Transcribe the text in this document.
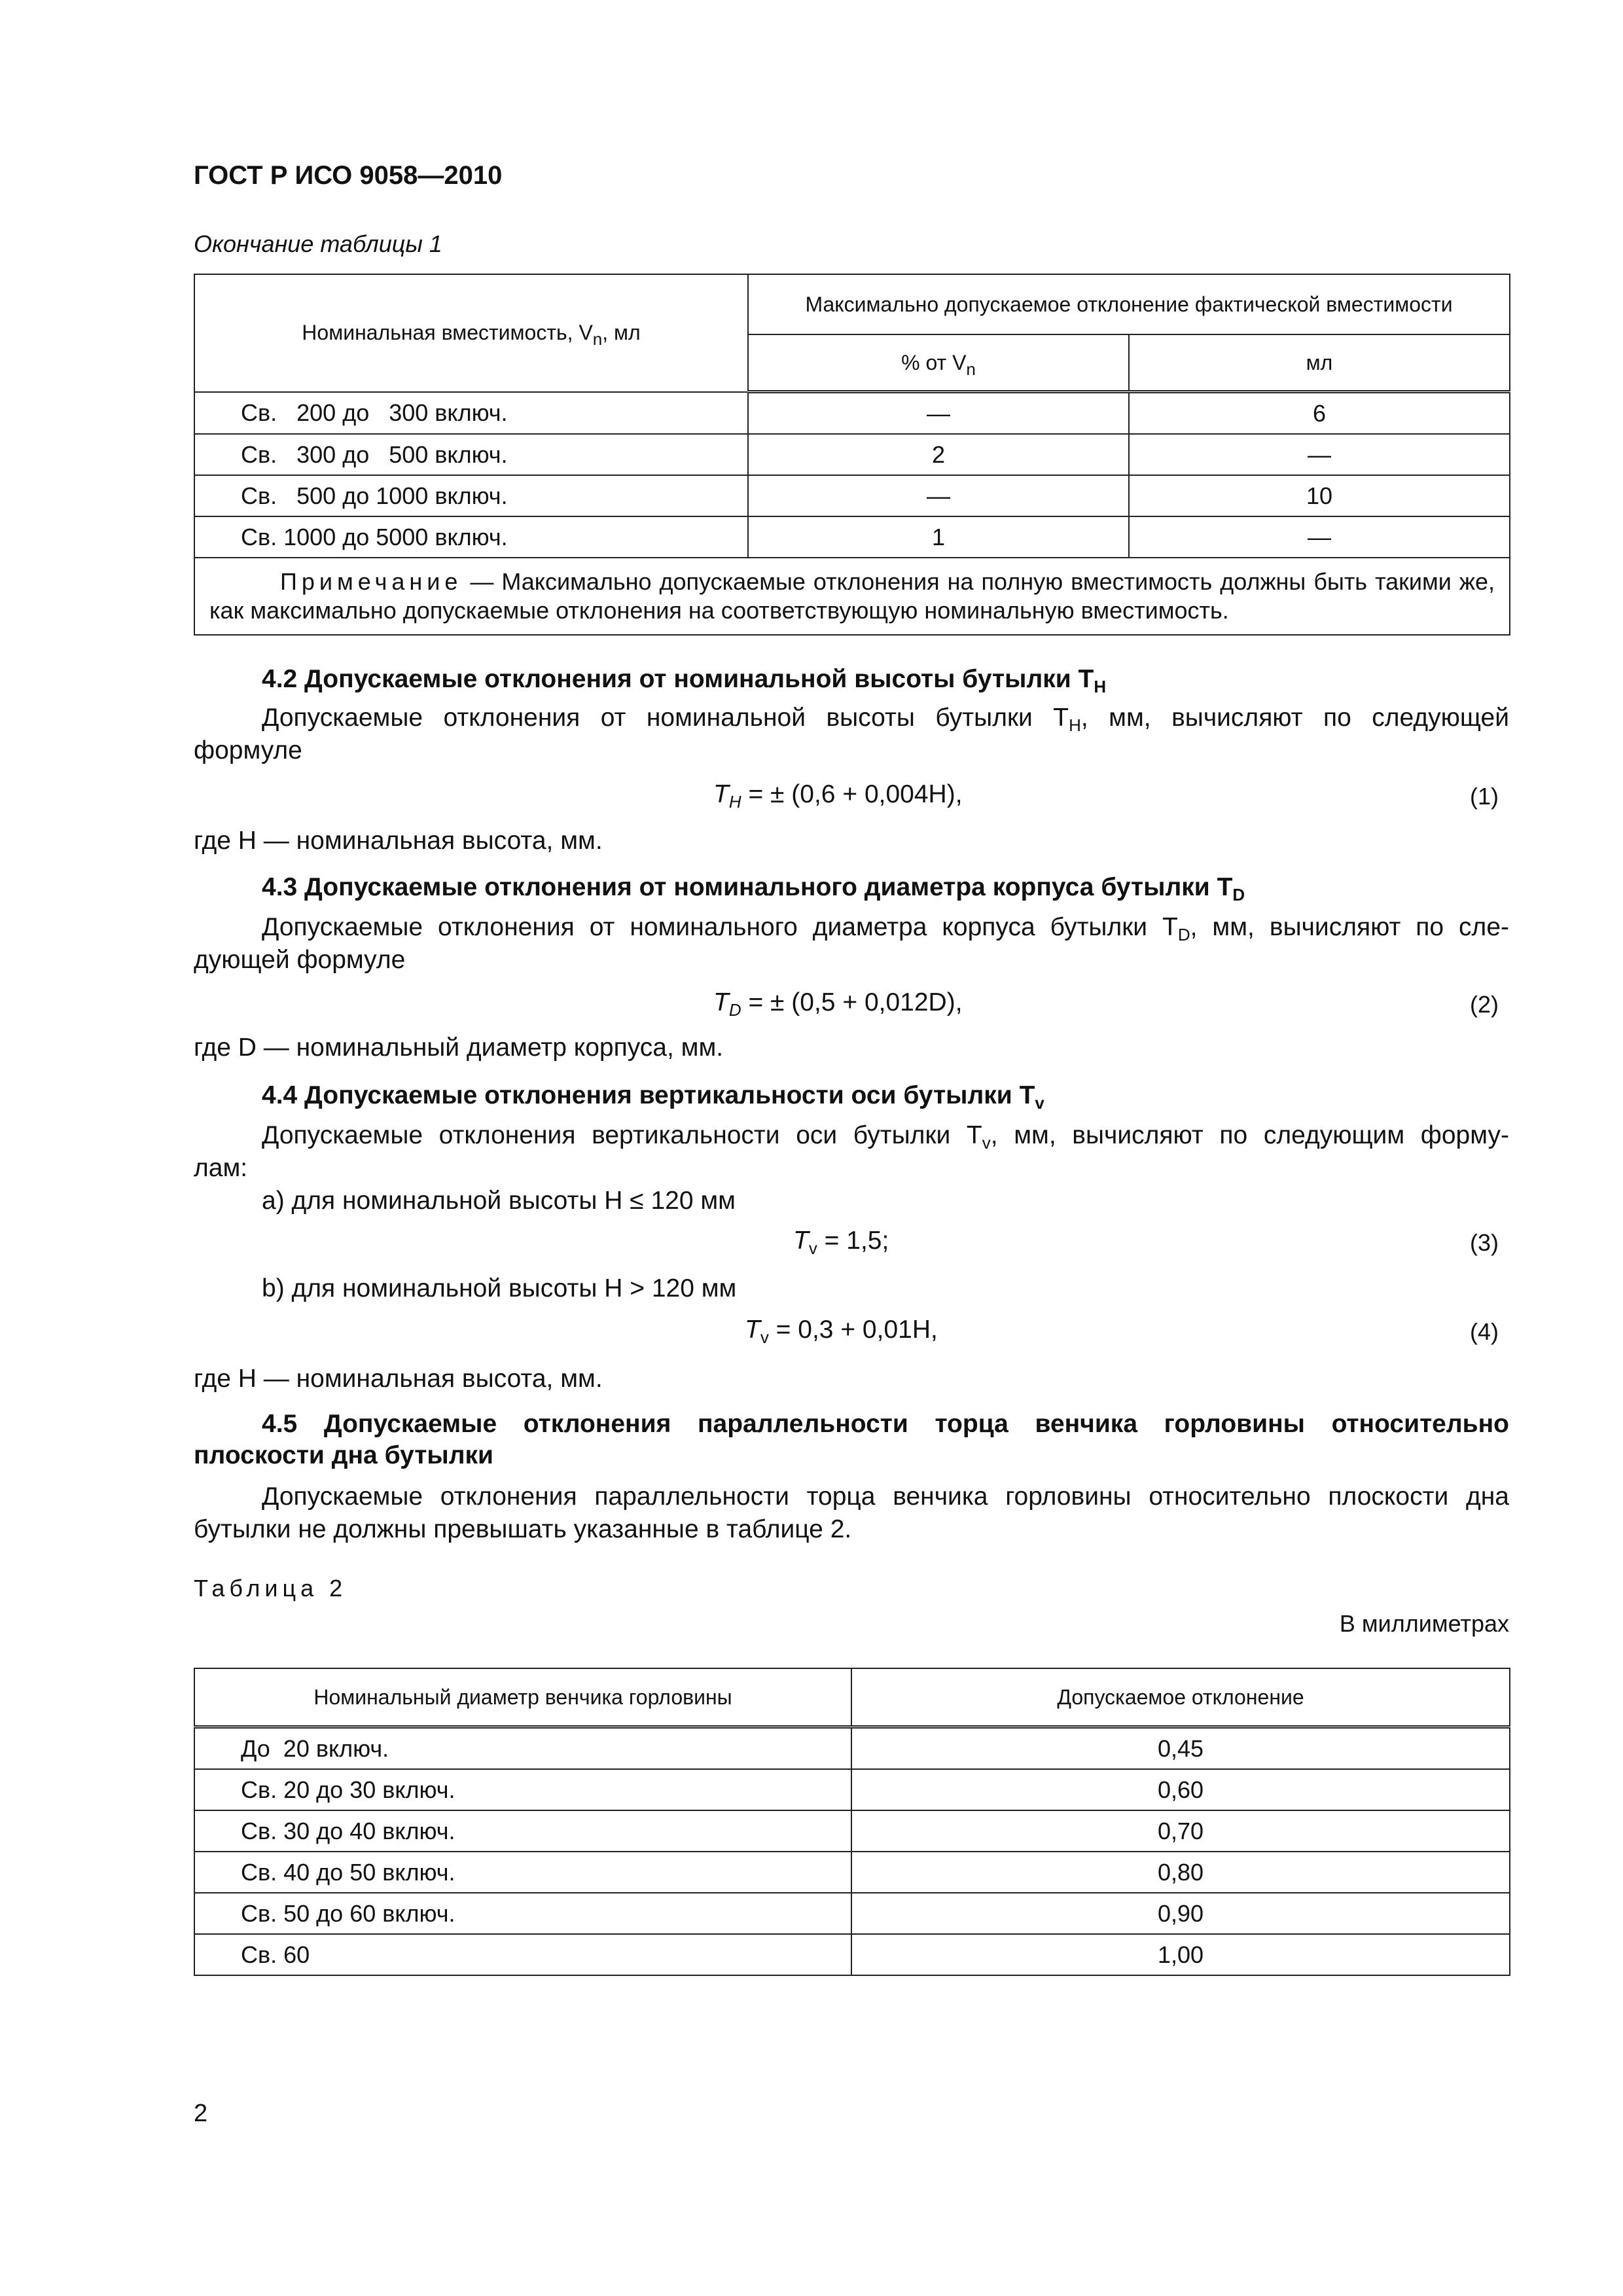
ГОСТ Р ИСО 9058—2010
Окончание таблицы 1
Номинальная вместимость, $V_n$, мл	Максимально допускаемое отклонение фактической вместимости	
	% от $V_n$	мл
Св.   200 до   300 включ.	—	6
Св.   300 до   500 включ.	2	—
Св.   500 до 1000 включ.	—	10
Св. 1000 до 5000 включ.	1	—
Примечание — Максимально допускаемые отклонения на полную вместимость должны быть такими же, как максимально допускаемые отклонения на соответствующую номинальную вместимость.		
4.2 Допускаемые отклонения от номинальной высоты бутылки $T_H$
Допускаемые отклонения от номинальной высоты бутылки $T_H$, мм, вычисляют по следующей
формуле
$T_H$ = ± (0,6 + 0,004H),	(1)
где H — номинальная высота, мм.
4.3 Допускаемые отклонения от номинального диаметра корпуса бутылки $T_D$
Допускаемые отклонения от номинального диаметра корпуса бутылки $T_D$, мм, вычисляют по сле-
дующей формуле
$T_D$ = ± (0,5 + 0,012D),	(2)
где D — номинальный диаметр корпуса, мм.
4.4 Допускаемые отклонения вертикальности оси бутылки $T_v$
Допускаемые отклонения вертикальности оси бутылки $T_v$, мм, вычисляют по следующим форму-
лам:
a) для номинальной высоты H ≤ 120 мм
$T_v = 1,5$;	(3)
b) для номинальной высоты H > 120 мм
$T_v = 0,3 + 0,01H$,	(4)
где H — номинальная высота, мм.
4.5 Допускаемые отклонения параллельности торца венчика горловины относительно
плоскости дна бутылки
Допускаемые отклонения параллельности торца венчика горловины относительно плоскости дна
бутылки не должны превышать указанные в таблице 2.
Таблица 2
В миллиметрах
Номинальный диаметр венчика горловины	Допускаемое отклонение
До  20 включ.	0,45
Св. 20 до 30 включ.	0,60
Св. 30 до 40 включ.	0,70
Св. 40 до 50 включ.	0,80
Св. 50 до 60 включ.	0,90
Св. 60	1,00
2
